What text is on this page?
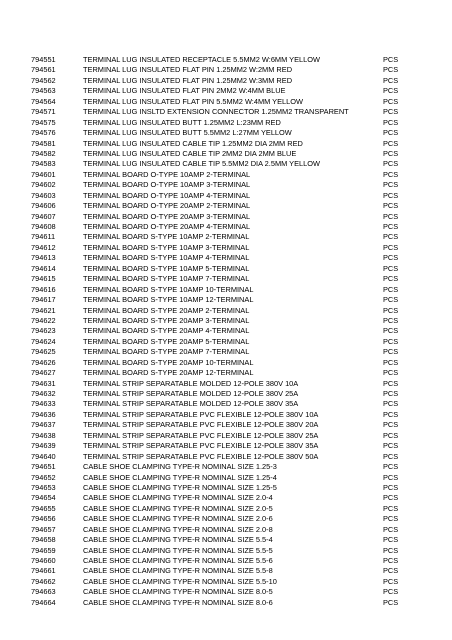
794551	TERMINAL LUG INSULATED RECEPTACLE 5.5MM2 W:6MM YELLOW	PCS
794561	TERMINAL LUG INSULATED FLAT PIN 1.25MM2 W:2MM RED	PCS
794562	TERMINAL LUG INSULATED FLAT PIN 1.25MM2 W:3MM RED	PCS
794563	TERMINAL LUG INSULATED FLAT PIN 2MM2 W:4MM BLUE	PCS
794564	TERMINAL LUG INSULATED FLAT PIN 5.5MM2 W:4MM YELLOW	PCS
794571	TERMINAL LUG INSLTD EXTENSION CONNECTOR 1.25MM2 TRANSPARENT	PCS
794575	TERMINAL LUG INSULATED BUTT 1.25MM2 L:23MM RED	PCS
794576	TERMINAL LUG INSULATED BUTT 5.5MM2 L:27MM YELLOW	PCS
794581	TERMINAL LUG INSULATED CABLE TIP 1.25MM2 DIA 2MM RED	PCS
794582	TERMINAL LUG INSULATED CABLE TIP 2MM2 DIA 2MM BLUE	PCS
794583	TERMINAL LUG INSULATED CABLE TIP 5.5MM2 DIA 2.5MM YELLOW	PCS
794601	TERMINAL BOARD O-TYPE 10AMP 2-TERMINAL	PCS
794602	TERMINAL BOARD O-TYPE 10AMP 3-TERMINAL	PCS
794603	TERMINAL BOARD O-TYPE 10AMP 4-TERMINAL	PCS
794606	TERMINAL BOARD O-TYPE 20AMP 2-TERMINAL	PCS
794607	TERMINAL BOARD O-TYPE 20AMP 3-TERMINAL	PCS
794608	TERMINAL BOARD O-TYPE 20AMP 4-TERMINAL	PCS
794611	TERMINAL BOARD S-TYPE 10AMP 2-TERMINAL	PCS
794612	TERMINAL BOARD S-TYPE 10AMP 3-TERMINAL	PCS
794613	TERMINAL BOARD S-TYPE 10AMP 4-TERMINAL	PCS
794614	TERMINAL BOARD S-TYPE 10AMP 5-TERMINAL	PCS
794615	TERMINAL BOARD S-TYPE 10AMP 7-TERMINAL	PCS
794616	TERMINAL BOARD S-TYPE 10AMP 10-TERMINAL	PCS
794617	TERMINAL BOARD S-TYPE 10AMP 12-TERMINAL	PCS
794621	TERMINAL BOARD S-TYPE 20AMP 2-TERMINAL	PCS
794622	TERMINAL BOARD S-TYPE 20AMP 3-TERMINAL	PCS
794623	TERMINAL BOARD S-TYPE 20AMP 4-TERMINAL	PCS
794624	TERMINAL BOARD S-TYPE 20AMP 5-TERMINAL	PCS
794625	TERMINAL BOARD S-TYPE 20AMP 7-TERMINAL	PCS
794626	TERMINAL BOARD S-TYPE 20AMP 10-TERMINAL	PCS
794627	TERMINAL BOARD S-TYPE 20AMP 12-TERMINAL	PCS
794631	TERMINAL STRIP SEPARATABLE MOLDED 12-POLE 380V 10A	PCS
794632	TERMINAL STRIP SEPARATABLE MOLDED 12-POLE 380V 25A	PCS
794633	TERMINAL STRIP SEPARATABLE MOLDED 12-POLE 380V 35A	PCS
794636	TERMINAL STRIP SEPARATABLE PVC FLEXIBLE 12-POLE 380V 10A	PCS
794637	TERMINAL STRIP SEPARATABLE PVC FLEXIBLE 12-POLE 380V 20A	PCS
794638	TERMINAL STRIP SEPARATABLE PVC FLEXIBLE 12-POLE 380V 25A	PCS
794639	TERMINAL STRIP SEPARATABLE PVC FLEXIBLE 12-POLE 380V 35A	PCS
794640	TERMINAL STRIP SEPARATABLE PVC FLEXIBLE 12-POLE 380V 50A	PCS
794651	CABLE SHOE CLAMPING TYPE-R NOMINAL SIZE 1.25-3	PCS
794652	CABLE SHOE CLAMPING TYPE-R NOMINAL SIZE 1.25-4	PCS
794653	CABLE SHOE CLAMPING TYPE-R NOMINAL SIZE 1.25-5	PCS
794654	CABLE SHOE CLAMPING TYPE-R NOMINAL SIZE 2.0-4	PCS
794655	CABLE SHOE CLAMPING TYPE-R NOMINAL SIZE 2.0-5	PCS
794656	CABLE SHOE CLAMPING TYPE-R NOMINAL SIZE 2.0-6	PCS
794657	CABLE SHOE CLAMPING TYPE-R NOMINAL SIZE 2.0-8	PCS
794658	CABLE SHOE CLAMPING TYPE-R NOMINAL SIZE 5.5-4	PCS
794659	CABLE SHOE CLAMPING TYPE-R NOMINAL SIZE 5.5-5	PCS
794660	CABLE SHOE CLAMPING TYPE-R NOMINAL SIZE 5.5-6	PCS
794661	CABLE SHOE CLAMPING TYPE-R NOMINAL SIZE 5.5-8	PCS
794662	CABLE SHOE CLAMPING TYPE-R NOMINAL SIZE 5.5-10	PCS
794663	CABLE SHOE CLAMPING TYPE-R NOMINAL SIZE 8.0-5	PCS
794664	CABLE SHOE CLAMPING TYPE-R NOMINAL SIZE 8.0-6	PCS
